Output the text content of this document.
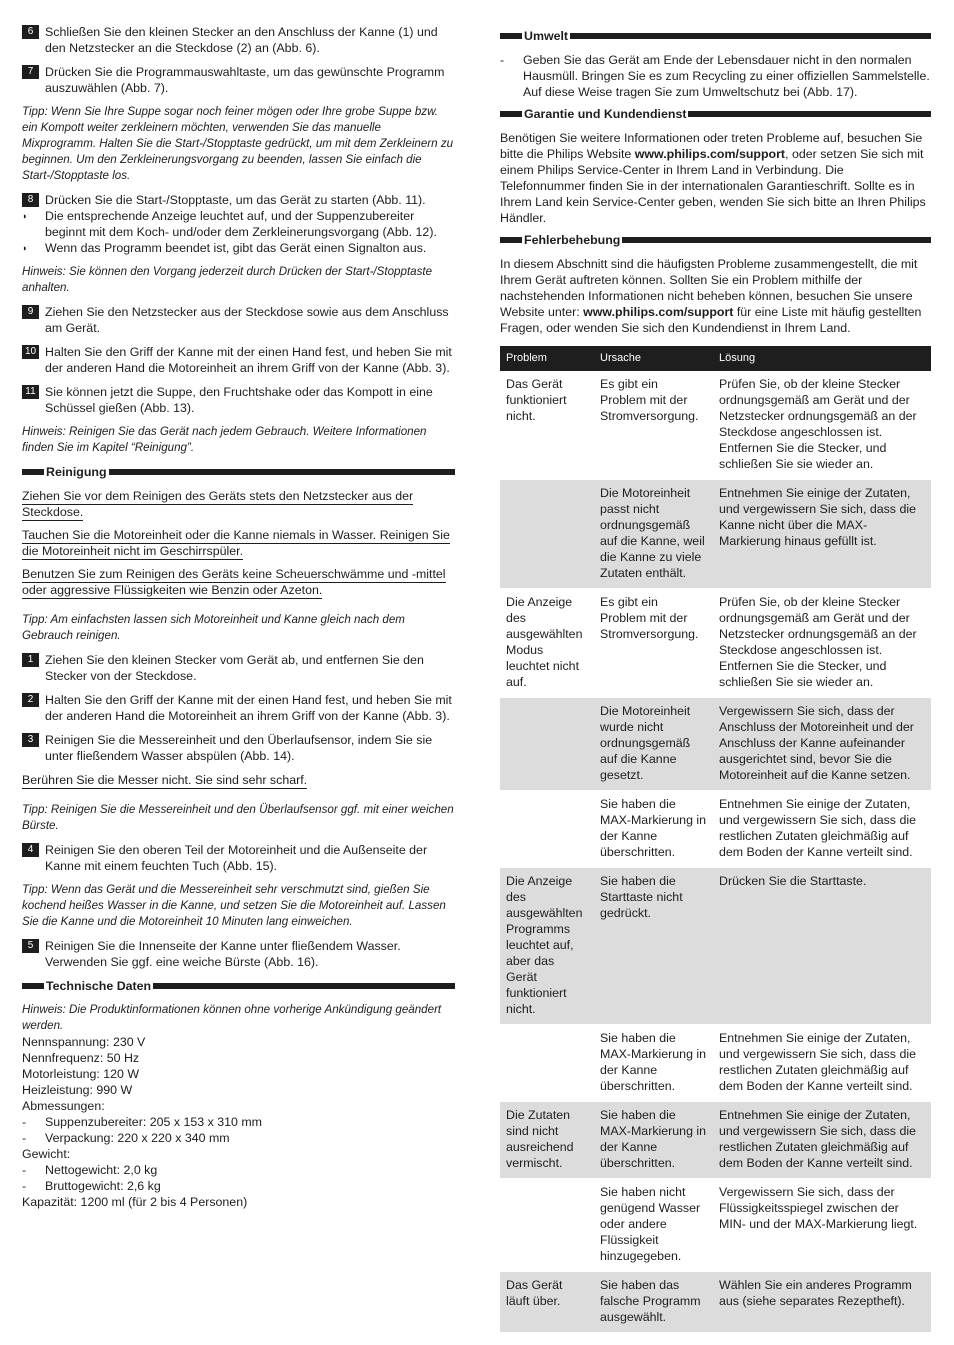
6 Schließen Sie den kleinen Stecker an den Anschluss der Kanne (1) und den Netzstecker an die Steckdose (2) an (Abb. 6).
7 Drücken Sie die Programmauswahltaste, um das gewünschte Programm auszuwählen (Abb. 7).

Tipp: Wenn Sie Ihre Suppe sogar noch feiner mögen oder Ihre grobe Suppe bzw. ein Kompott weiter zerkleinern möchten, verwenden Sie das manuelle Mixprogramm. Halten Sie die Start-/Stopptaste gedrückt, um mit dem Zerkleinern zu beginnen. Um den Zerkleinerungsvorgang zu beenden, lassen Sie einfach die Start-/Stopptaste los.

8 Drücken Sie die Start-/Stopptaste, um das Gerät zu starten (Abb. 11).
◗	Die entsprechende Anzeige leuchtet auf, und der Suppenzubereiter beginnt mit dem Koch- und/oder dem Zerkleinerungsvorgang (Abb. 12).
◗	Wenn das Programm beendet ist, gibt das Gerät einen Signalton aus.

Hinweis: Sie können den Vorgang jederzeit durch Drücken der Start-/Stopptaste anhalten.

9 Ziehen Sie den Netzstecker aus der Steckdose sowie aus dem Anschluss am Gerät.
10 Halten Sie den Griff der Kanne mit der einen Hand fest, und heben Sie mit der anderen Hand die Motoreinheit an ihrem Griff von der Kanne (Abb. 3).
11 Sie können jetzt die Suppe, den Fruchtshake oder das Kompott in eine Schüssel gießen (Abb. 13).

Hinweis: Reinigen Sie das Gerät nach jedem Gebrauch. Weitere Informationen finden Sie im Kapitel “Reinigung”.

Reinigung

Ziehen Sie vor dem Reinigen des Geräts stets den Netzstecker aus der Steckdose.

Tauchen Sie die Motoreinheit oder die Kanne niemals in Wasser. Reinigen Sie die Motoreinheit nicht im Geschirrspüler.

Benutzen Sie zum Reinigen des Geräts keine Scheuerschwämme und -mittel oder aggressive Flüssigkeiten wie Benzin oder Azeton.

Tipp: Am einfachsten lassen sich Motoreinheit und Kanne gleich nach dem Gebrauch reinigen.

1 Ziehen Sie den kleinen Stecker vom Gerät ab, und entfernen Sie den Stecker von der Steckdose.
2 Halten Sie den Griff der Kanne mit der einen Hand fest, und heben Sie mit der anderen Hand die Motoreinheit an ihrem Griff von der Kanne (Abb. 3).
3 Reinigen Sie die Messereinheit und den Überlaufsensor, indem Sie sie unter fließendem Wasser abspülen (Abb. 14).

Berühren Sie die Messer nicht. Sie sind sehr scharf.

Tipp: Reinigen Sie die Messereinheit und den Überlaufsensor ggf. mit einer weichen Bürste.

4 Reinigen Sie den oberen Teil der Motoreinheit und die Außenseite der Kanne mit einem feuchten Tuch (Abb. 15).

Tipp: Wenn das Gerät und die Messereinheit sehr verschmutzt sind, gießen Sie kochend heißes Wasser in die Kanne, und setzen Sie die Motoreinheit auf. Lassen Sie die Kanne und die Motoreinheit 10 Minuten lang einweichen.

5 Reinigen Sie die Innenseite der Kanne unter fließendem Wasser. Verwenden Sie ggf. eine weiche Bürste (Abb. 16).
Technische Daten

Hinweis: Die Produktinformationen können ohne vorherige Ankündigung geändert werden.

Nennspannung: 230 V

Nennfrequenz: 50 Hz

Motorleistung: 120 W

Heizleistung: 990 W

Abmessungen:

-	Suppenzubereiter: 205 x 153 x 310 mm
-	Verpackung: 220 x 220 x 340 mm

Gewicht:

-	Nettogewicht: 2,0 kg
-	Bruttogewicht: 2,6 kg

Kapazität: 1200 ml (für 2 bis 4 Personen)

Umwelt
-	Geben Sie das Gerät am Ende der Lebensdauer nicht in den normalen Hausmüll. Bringen Sie es zum Recycling zu einer offiziellen Sammelstelle. Auf diese Weise tragen Sie zum Umweltschutz bei (Abb. 17).
Garantie und Kundendienst

Benötigen Sie weitere Informationen oder treten Probleme auf, besuchen Sie bitte die Philips Website www.philips.com/support, oder setzen Sie sich mit einem Philips Service-Center in Ihrem Land in Verbindung. Die Telefonnummer finden Sie in der internationalen Garantieschrift. Sollte es in Ihrem Land kein Service-Center geben, wenden Sie sich bitte an Ihren Philips Händler.

Fehlerbehebung

In diesem Abschnitt sind die häufigsten Probleme zusammengestellt, die mit Ihrem Gerät auftreten können. Sollten Sie ein Problem mithilfe der nachstehenden Informationen nicht beheben können, besuchen Sie unsere Website unter: www.philips.com/support für eine Liste mit häufig gestellten Fragen, oder wenden Sie sich den Kundendienst in Ihrem Land.

Problem	Ursache	Lösung
Das Gerät funktioniert nicht.	Es gibt ein Problem mit der Stromversorgung.	Prüfen Sie, ob der kleine Stecker ordnungsgemäß am Gerät und der Netzstecker ordnungsgemäß an der Steckdose angeschlossen ist. Entfernen Sie die Stecker, und schließen Sie sie wieder an.
	Die Motoreinheit passt nicht ordnungsgemäß auf die Kanne, weil die Kanne zu viele Zutaten enthält.	Entnehmen Sie einige der Zutaten, und vergewissern Sie sich, dass die Kanne nicht über die MAX-Markierung hinaus gefüllt ist.
Die Anzeige des ausgewählten Modus leuchtet nicht auf.	Es gibt ein Problem mit der Stromversorgung.	Prüfen Sie, ob der kleine Stecker ordnungsgemäß am Gerät und der Netzstecker ordnungsgemäß an der Steckdose angeschlossen ist. Entfernen Sie die Stecker, und schließen Sie sie wieder an.
	Die Motoreinheit wurde nicht ordnungsgemäß auf die Kanne gesetzt.	Vergewissern Sie sich, dass der Anschluss der Motoreinheit und der Anschluss der Kanne aufeinander ausgerichtet sind, bevor Sie die Motoreinheit auf die Kanne setzen.
	Sie haben die MAX-Markierung in der Kanne überschritten.	Entnehmen Sie einige der Zutaten, und vergewissern Sie sich, dass die restlichen Zutaten gleichmäßig auf dem Boden der Kanne verteilt sind.
Die Anzeige des ausgewählten Programms leuchtet auf, aber das Gerät funktioniert nicht.	Sie haben die Starttaste nicht gedrückt.	Drücken Sie die Starttaste.
	Sie haben die MAX-Markierung in der Kanne überschritten.	Entnehmen Sie einige der Zutaten, und vergewissern Sie sich, dass die restlichen Zutaten gleichmäßig auf dem Boden der Kanne verteilt sind.
Die Zutaten sind nicht ausreichend vermischt.	Sie haben die MAX-Markierung in der Kanne überschritten.	Entnehmen Sie einige der Zutaten, und vergewissern Sie sich, dass die restlichen Zutaten gleichmäßig auf dem Boden der Kanne verteilt sind.
	Sie haben nicht genügend Wasser oder andere Flüssigkeit hinzugegeben.	Vergewissern Sie sich, dass der Flüssigkeitsspiegel zwischen der MIN- und der MAX-Markierung liegt.
Das Gerät läuft über.	Sie haben das falsche Programm ausgewählt.	Wählen Sie ein anderes Programm aus (siehe separates Rezeptheft).
